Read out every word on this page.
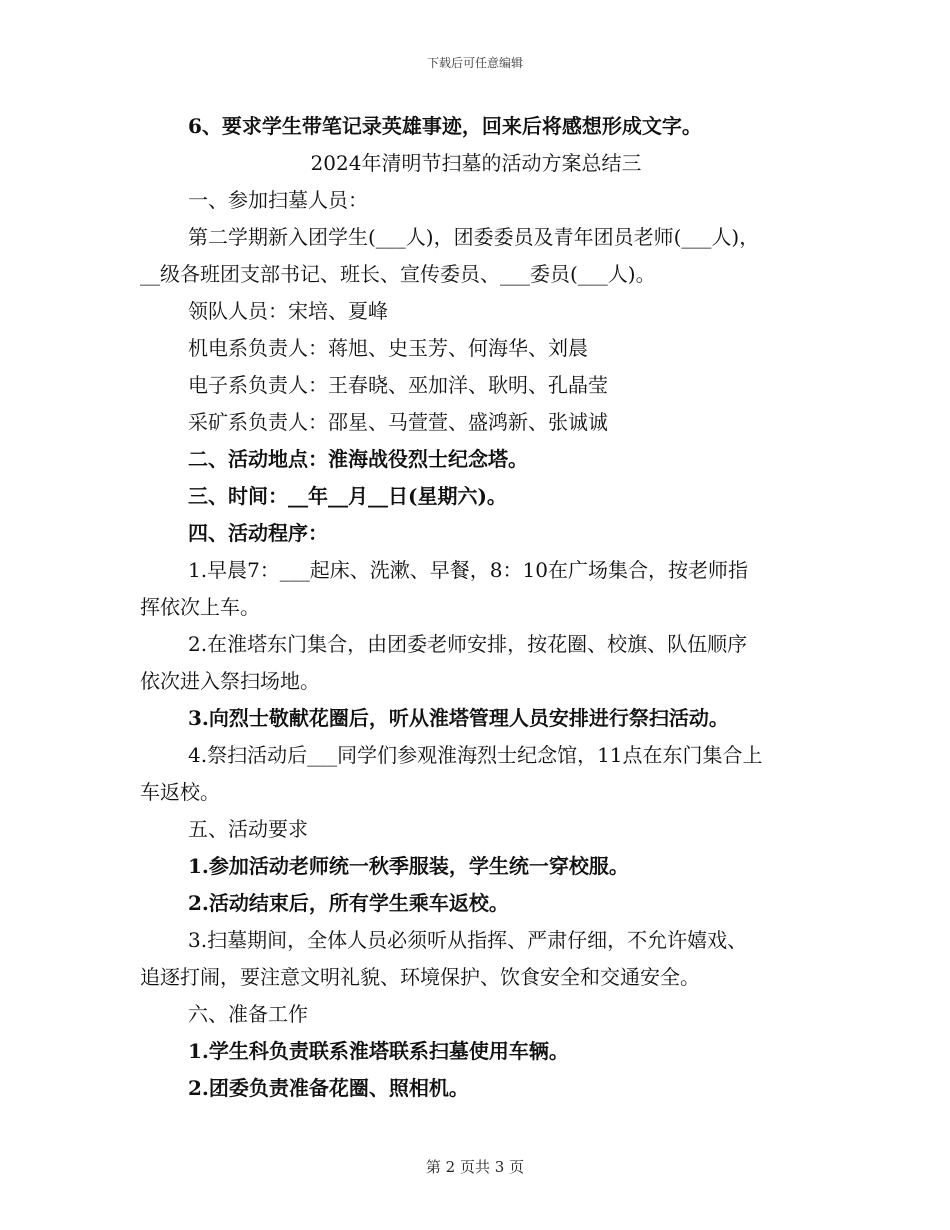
下载后可任意编辑
6、要求学生带笔记录英雄事迹，回来后将感想形成文字。
2024年清明节扫墓的活动方案总结三
一、参加扫墓人员：
第二学期新入团学生(___人)，团委委员及青年团员老师(___人)，
__级各班团支部书记、班长、宣传委员、___委员(___人)。
领队人员：宋培、夏峰
机电系负责人：蒋旭、史玉芳、何海华、刘晨
电子系负责人：王春晓、巫加洋、耿明、孔晶莹
采矿系负责人：邵星、马萱萱、盛鸿新、张诚诚
二、活动地点：淮海战役烈士纪念塔。
三、时间：__年__月__日(星期六)。
四、活动程序：
1.早晨7：___起床、洗漱、早餐，8：10在广场集合，按老师指
挥依次上车。
2.在淮塔东门集合，由团委老师安排，按花圈、校旗、队伍顺序
依次进入祭扫场地。
3.向烈士敬献花圈后，听从淮塔管理人员安排进行祭扫活动。
4.祭扫活动后___同学们参观淮海烈士纪念馆，11点在东门集合上
车返校。
五、活动要求
1.参加活动老师统一秋季服装，学生统一穿校服。
2.活动结束后，所有学生乘车返校。
3.扫墓期间，全体人员必须听从指挥、严肃仔细，不允许嬉戏、
追逐打闹，要注意文明礼貌、环境保护、饮食安全和交通安全。
六、准备工作
1.学生科负责联系淮塔联系扫墓使用车辆。
2.团委负责准备花圈、照相机。
第 2 页共 3 页
